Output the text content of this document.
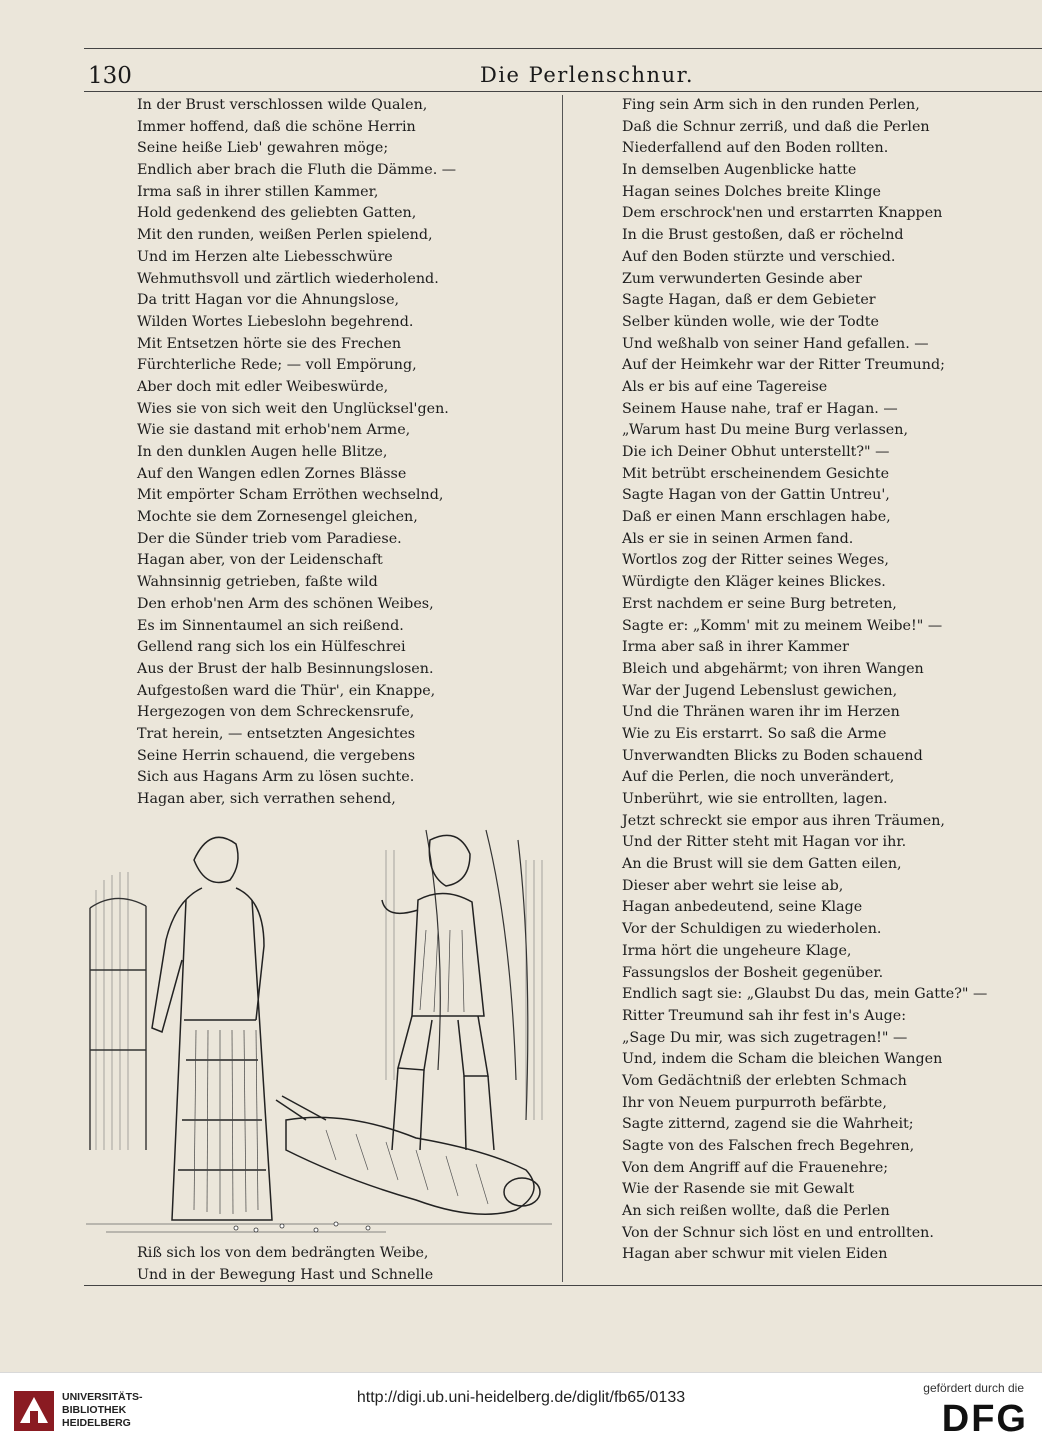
130	Die Perlenschnur.
In der Brust verschlossen wilde Qualen,
Immer hoffend, daß die schöne Herrin
Seine heiße Lieb' gewahren möge;
Endlich aber brach die Fluth die Dämme. —
Irma saß in ihrer stillen Kammer,
Hold gedenkend des geliebten Gatten,
Mit den runden, weißen Perlen spielend,
Und im Herzen alte Liebesschwüre
Wehmuthsvoll und zärtlich wiederholend.
Da tritt Hagan vor die Ahnungslose,
Wilden Wortes Liebeslohn begehrend.
Mit Entsetzen hörte sie des Frechen
Fürchterliche Rede; — voll Empörung,
Aber doch mit edler Weibeswürde,
Wies sie von sich weit den Unglücksel'gen.
Wie sie dastand mit erhob'nem Arme,
In den dunklen Augen helle Blitze,
Auf den Wangen edlen Zornes Blässe
Mit empörter Scham Erröthen wechselnd,
Mochte sie dem Zornesengel gleichen,
Der die Sünder trieb vom Paradiese.
Hagan aber, von der Leidenschaft
Wahnsinnig getrieben, faßte wild
Den erhob'nen Arm des schönen Weibes,
Es im Sinnentaumel an sich reißend.
Gellend rang sich los ein Hülfeschrei
Aus der Brust der halb Besinnungslosen.
Aufgestoßen ward die Thür', ein Knappe,
Hergezogen von dem Schreckensrufe,
Trat herein, — entsetzten Angesichtes
Seine Herrin schauend, die vergebens
Sich aus Hagans Arm zu lösen suchte.
Hagan aber, sich verrathen sehend,
Riß sich los von dem bedrängten Weibe,
Und in der Bewegung Hast und Schnelle
Fing sein Arm sich in den runden Perlen,
Daß die Schnur zerriß, und daß die Perlen
Niederfallend auf den Boden rollten.
In demselben Augenblicke hatte
Hagan seines Dolches breite Klinge
Dem erschrock'nen und erstarrten Knappen
In die Brust gestoßen, daß er röchelnd
Auf den Boden stürzte und verschied.
Zum verwunderten Gesinde aber
Sagte Hagan, daß er dem Gebieter
Selber künden wolle, wie der Todte
Und weßhalb von seiner Hand gefallen. —
Auf der Heimkehr war der Ritter Treumund;
Als er bis auf eine Tagereise
Seinem Hause nahe, traf er Hagan. —
„Warum hast Du meine Burg verlassen,
Die ich Deiner Obhut unterstellt?" —
Mit betrübt erscheinendem Gesichte
Sagte Hagan von der Gattin Untreu',
Daß er einen Mann erschlagen habe,
Als er sie in seinen Armen fand.
Wortlos zog der Ritter seines Weges,
Würdigte den Kläger keines Blickes.
Erst nachdem er seine Burg betreten,
Sagte er: „Komm' mit zu meinem Weibe!" —
Irma aber saß in ihrer Kammer
Bleich und abgehärmt; von ihren Wangen
War der Jugend Lebenslust gewichen,
Und die Thränen waren ihr im Herzen
Wie zu Eis erstarrt. So saß die Arme
Unverwandten Blicks zu Boden schauend
Auf die Perlen, die noch unverändert,
Unberührt, wie sie entrollten, lagen.
Jetzt schreckt sie empor aus ihren Träumen,
Und der Ritter steht mit Hagan vor ihr.
An die Brust will sie dem Gatten eilen,
Dieser aber wehrt sie leise ab,
Hagan anbedeutend, seine Klage
Vor der Schuldigen zu wiederholen.
Irma hört die ungeheure Klage,
Fassungslos der Bosheit gegenüber.
Endlich sagt sie: „Glaubst Du das, mein Gatte?" —
Ritter Treumund sah ihr fest in's Auge:
„Sage Du mir, was sich zugetragen!" —
Und, indem die Scham die bleichen Wangen
Vom Gedächtniß der erlebten Schmach
Ihr von Neuem purpurroth befärbte,
Sagte zitternd, zagend sie die Wahrheit;
Sagte von des Falschen frech Begehren,
Von dem Angriff auf die Frauenehre;
Wie der Rasende sie mit Gewalt
An sich reißen wollte, daß die Perlen
Von der Schnur sich löst en und entrollten.
Hagan aber schwur mit vielen Eiden
UNIVERSITÄTS-
BIBLIOTHEK
HEIDELBERG
http://digi.ub.uni-heidelberg.de/diglit/fb65/0133
gefördert durch die
DFG
